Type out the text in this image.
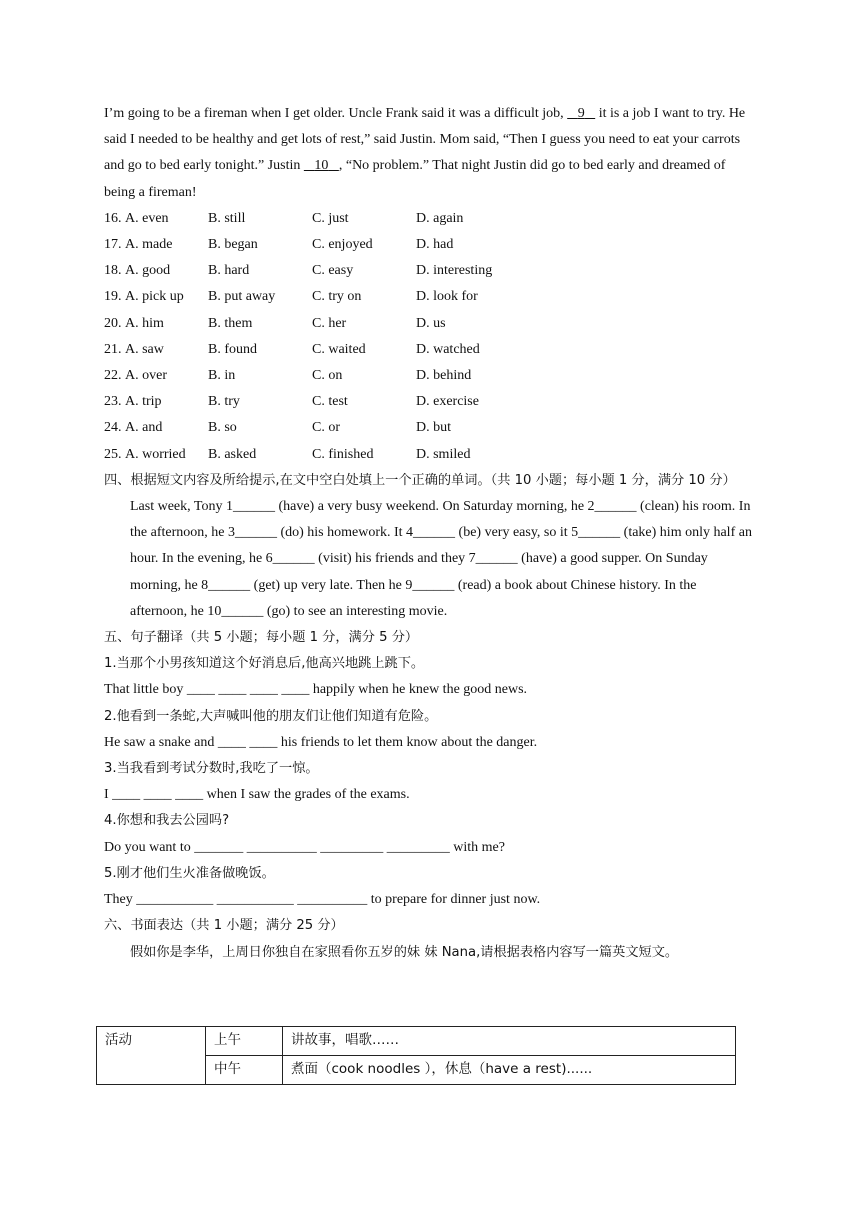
I’m going to be a fireman when I get older. Uncle Frank said it was a difficult job,    9    it is a job I want to try. He said I needed to be healthy and get lots of rest,” said Justin. Mom said, “Then I guess you need to eat your carrots and go to bed early tonight.” Justin    10 , “No problem.” That night Justin did go to bed early and dreamed of being a fireman!
16. A. even	B. still	C. just	D. again
17. A. made	B. began	C. enjoyed	D. had
18. A. good	B. hard	C. easy	D. interesting
19. A. pick up	B. put away	C. try on	D. look for
20. A. him	B. them	C. her	D. us
21. A. saw	B. found	C. waited	D. watched
22. A. over	B. in	C. on	D. behind
23. A. trip	B. try	C. test	D. exercise
24. A. and	B. so	C. or	D. but
25. A. worried	B. asked	C. finished	D. smiled
四、根据短文内容及所给提示,在文中空白处填上一个正确的单词。（共 10 小题；每小题 1 分，满分 10 分）
Last week, Tony 1______ (have) a very busy weekend. On Saturday morning, he 2______ (clean) his room. In the afternoon, he 3______ (do) his homework. It 4______ (be) very easy, so it 5______ (take) him only half an hour. In the evening, he 6______ (visit) his friends and they 7______ (have) a good supper. On Sunday morning, he 8______ (get) up very late. Then he 9______ (read) a book about Chinese history. In the afternoon, he 10______ (go) to see an interesting movie.
五、句子翻译（共 5 小题；每小题 1 分，满分 5 分）
1.当那个小男孩知道这个好消息后,他高兴地跳上跳下。
That little boy ____ ____ ____ ____ happily when he knew the good news.
2.他看到一条蛇,大声喊叫他的朋友们让他们知道有危险。
He saw a snake and ____ ____ his friends to let them know about the danger.
3.当我看到考试分数时,我吃了一惊。
I ____ ____ ____ when I saw the grades of the exams.
4.你想和我去公园吗?
Do you want to _______ __________ _________ _________ with me?
5.刚才他们生火准备做晚饭。
They ___________ ___________ __________ to prepare for dinner just now.
六、书面表达（共 1 小题；满分 25 分）
假如你是李华，上周日你独自在家照看你五岁的妹 妹 Nana,请根据表格内容写一篇英文短文。
活动	上午	讲故事，唱歌……
	中午	煮面（cook noodles ），休息（have a rest)......
